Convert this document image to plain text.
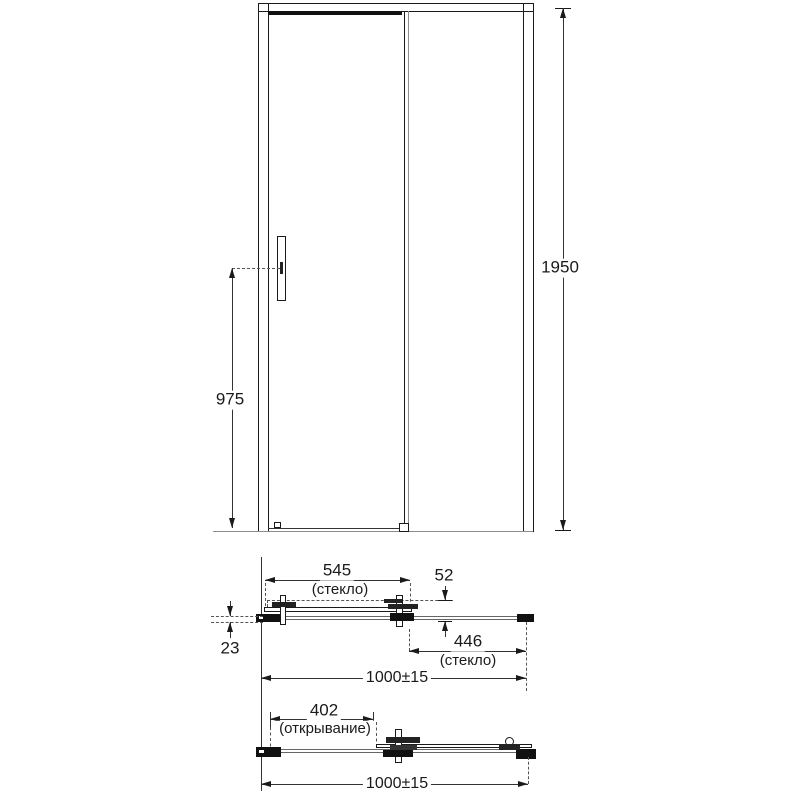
975
1950
545
(стекло)
23
52
446
(стекло)
1000±15
402
(открывание)
1000±15
